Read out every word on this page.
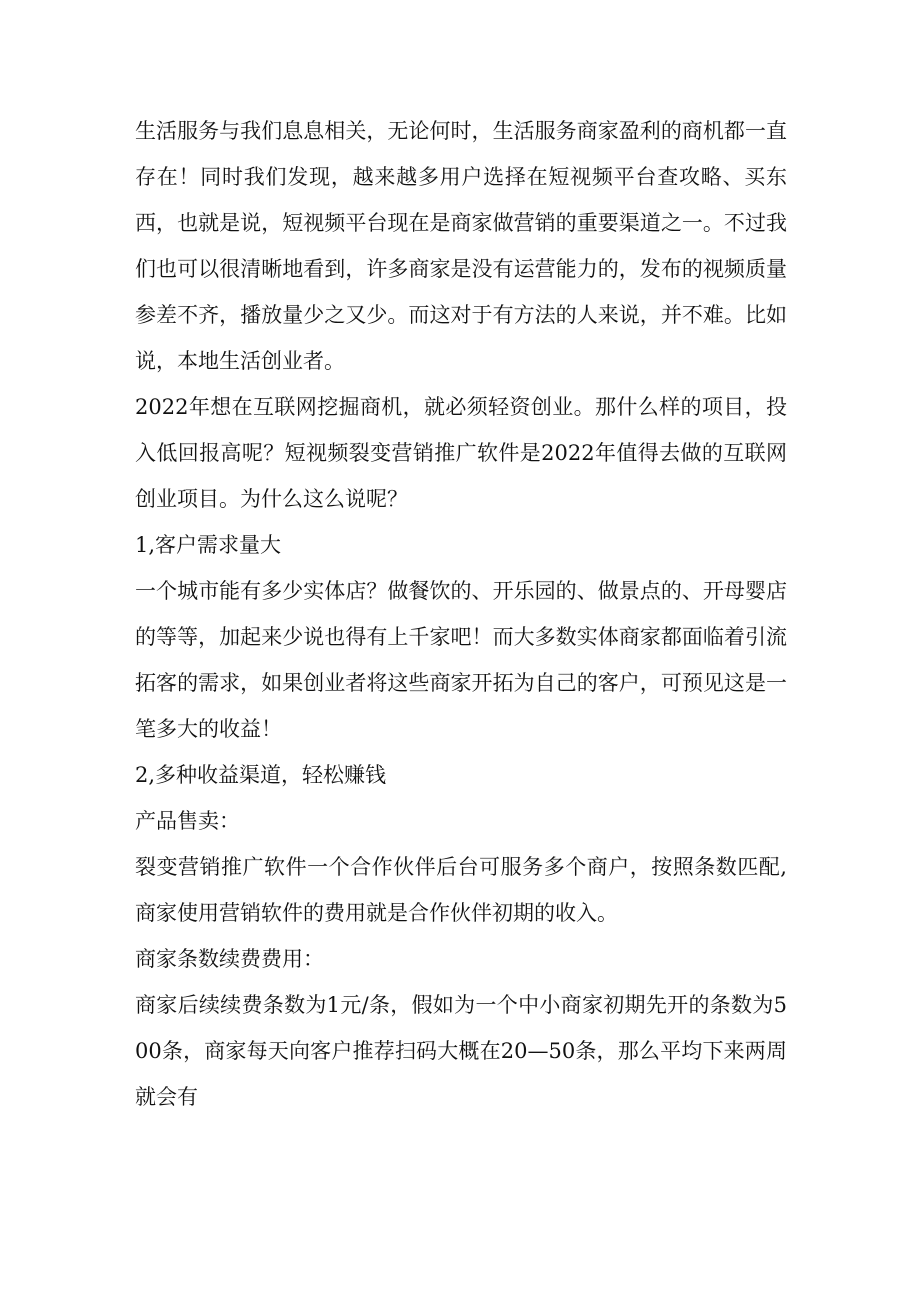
生活服务与我们息息相关，无论何时，生活服务商家盈利的商机都一直存在！同时我们发现，越来越多用户选择在短视频平台查攻略、买东西，也就是说，短视频平台现在是商家做营销的重要渠道之一。不过我们也可以很清晰地看到，许多商家是没有运营能力的，发布的视频质量参差不齐，播放量少之又少。而这对于有方法的人来说，并不难。比如说，本地生活创业者。

2022年想在互联网挖掘商机，就必须轻资创业。那什么样的项目，投入低回报高呢？短视频裂变营销推广软件是2022年值得去做的互联网创业项目。为什么这么说呢？

1,客户需求量大

一个城市能有多少实体店？做餐饮的、开乐园的、做景点的、开母婴店的等等，加起来少说也得有上千家吧！而大多数实体商家都面临着引流拓客的需求，如果创业者将这些商家开拓为自己的客户，可预见这是一笔多大的收益！

2,多种收益渠道，轻松赚钱

产品售卖：

裂变营销推广软件一个合作伙伴后台可服务多个商户，按照条数匹配,商家使用营销软件的费用就是合作伙伴初期的收入。

商家条数续费费用：

商家后续续费条数为1元/条，假如为一个中小商家初期先开的条数为500条，商家每天向客户推荐扫码大概在20—50条，那么平均下来两周就会有
